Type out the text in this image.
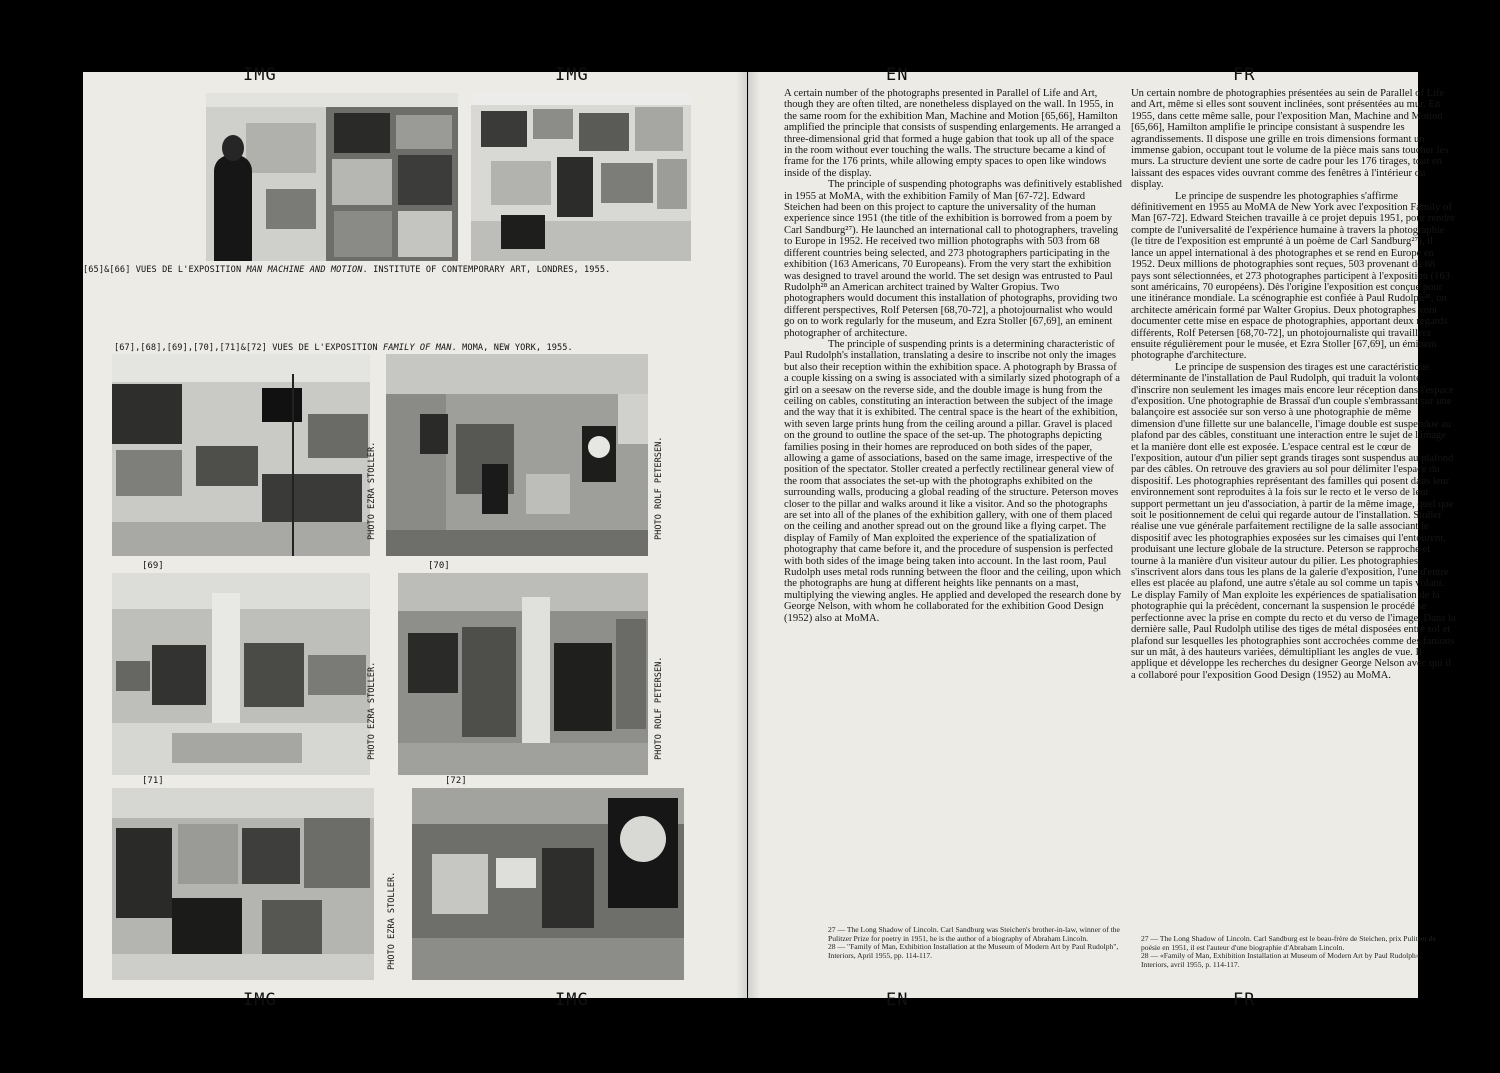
IMG	IMG	EN	FR
IMG	IMG	EN	FR
[65]&[66] VUES DE L'EXPOSITION MAN MACHINE AND MOTION. INSTITUTE OF CONTEMPORARY ART, LONDRES, 1955.
[67],[68],[69],[70],[71]&[72] VUES DE L'EXPOSITION FAMILY OF MAN. MOMA, NEW YORK, 1955.
PHOTO EZRA STOLLER.	PHOTO ROLF PETERSEN.
[69]	[70]
[71]	[72]
PHOTO EZRA STOLLER.	PHOTO ROLF PETERSEN.
PHOTO EZRA STOLLER.

A certain number of the photographs presented in Parallel of Life and Art, though they are often tilted, are nonetheless displayed on the wall. In 1955, in the same room for the exhibition Man, Machine and Motion [65,66], Hamilton amplified the principle that consists of suspending enlargements. He arranged a three-dimensional grid that formed a huge gabion that took up all of the space in the room without ever touching the walls. The structure became a kind of frame for the 176 prints, while allowing empty spaces to open like windows inside of the display.

The principle of suspending photographs was definitively established in 1955 at MoMA, with the exhibition Family of Man [67-72]. Edward Steichen had been on this project to capture the universality of the human experience since 1951 (the title of the exhibition is borrowed from a poem by Carl Sandburg²⁷). He launched an international call to photographers, traveling to Europe in 1952. He received two million photographs with 503 from 68 different countries being selected, and 273 photographers participating in the exhibition (163 Americans, 70 Europeans). From the very start the exhibition was designed to travel around the world. The set design was entrusted to Paul Rudolph²⁸ an American architect trained by Walter Gropius. Two photographers would document this installation of photographs, providing two different perspectives, Rolf Petersen [68,70-72], a photojournalist who would go on to work regularly for the museum, and Ezra Stoller [67,69], an eminent photographer of architecture.

The principle of suspending prints is a determining characteristic of Paul Rudolph's installation, translating a desire to inscribe not only the images but also their reception within the exhibition space. A photograph by Brassa of a couple kissing on a swing is associated with a similarly sized photograph of a girl on a seesaw on the reverse side, and the double image is hung from the ceiling on cables, constituting an interaction between the subject of the image and the way that it is exhibited. The central space is the heart of the exhibition, with seven large prints hung from the ceiling around a pillar. Gravel is placed on the ground to outline the space of the set-up. The photographs depicting families posing in their homes are reproduced on both sides of the paper, allowing a game of associations, based on the same image, irrespective of the position of the spectator. Stoller created a perfectly rectilinear general view of the room that associates the set-up with the photographs exhibited on the surrounding walls, producing a global reading of the structure. Peterson moves closer to the pillar and walks around it like a visitor. And so the photographs are set into all of the planes of the exhibition gallery, with one of them placed on the ceiling and another spread out on the ground like a flying carpet. The display of Family of Man exploited the experience of the spatialization of photography that came before it, and the procedure of suspension is perfected with both sides of the image being taken into account. In the last room, Paul Rudolph uses metal rods running between the floor and the ceiling, upon which the photographs are hung at different heights like pennants on a mast, multiplying the viewing angles. He applied and developed the research done by George Nelson, with whom he collaborated for the exhibition Good Design (1952) also at MoMA.

Un certain nombre de photographies présentées au sein de Parallel of Life and Art, même si elles sont souvent inclinées, sont présentées au mur. En 1955, dans cette même salle, pour l'exposition Man, Machine and Motion [65,66], Hamilton amplifie le principe consistant à suspendre les agrandissements. Il dispose une grille en trois dimensions formant un immense gabion, occupant tout le volume de la pièce mais sans toucher les murs. La structure devient une sorte de cadre pour les 176 tirages, tout en laissant des espaces vides ouvrant comme des fenêtres à l'intérieur du display.

Le principe de suspendre les photographies s'affirme définitivement en 1955 au MoMA de New York avec l'exposition Family of Man [67-72]. Edward Steichen travaille à ce projet depuis 1951, pour rendre compte de l'universalité de l'expérience humaine à travers la photographie (le titre de l'exposition est emprunté à un poème de Carl Sandburg²⁷), il lance un appel international à des photographes et se rend en Europe en 1952. Deux millions de photographies sont reçues, 503 provenant de 68 pays sont sélectionnées, et 273 photographes participent à l'exposition (163 sont américains, 70 européens). Dès l'origine l'exposition est conçue pour une itinérance mondiale. La scénographie est confiée à Paul Rudolph²⁸, un architecte américain formé par Walter Gropius. Deux photographes vont documenter cette mise en espace de photographies, apportant deux regards différents, Rolf Petersen [68,70-72], un photojournaliste qui travaillera ensuite régulièrement pour le musée, et Ezra Stoller [67,69], un éminent photographe d'architecture.

Le principe de suspension des tirages est une caractéristique déterminante de l'installation de Paul Rudolph, qui traduit la volonté d'inscrire non seulement les images mais encore leur réception dans l'espace d'exposition. Une photographie de Brassaï d'un couple s'embrassant sur une balançoire est associée sur son verso à une photographie de même dimension d'une fillette sur une balancelle, l'image double est suspendue au plafond par des câbles, constituant une interaction entre le sujet de l'image et la manière dont elle est exposée. L'espace central est le cœur de l'exposition, autour d'un pilier sept grands tirages sont suspendus au plafond par des câbles. On retrouve des graviers au sol pour délimiter l'espace du dispositif. Les photographies représentant des familles qui posent dans leur environnement sont reproduites à la fois sur le recto et le verso de leur support permettant un jeu d'association, à partir de la même image, quel que soit le positionnement de celui qui regarde autour de l'installation. Stoller réalise une vue générale parfaitement rectiligne de la salle associant le dispositif avec les photographies exposées sur les cimaises qui l'entourent, produisant une lecture globale de la structure. Peterson se rapproche et tourne à la manière d'un visiteur autour du pilier. Les photographies s'inscrivent alors dans tous les plans de la galerie d'exposition, l'une d'entre elles est placée au plafond, une autre s'étale au sol comme un tapis volant. Le display Family of Man exploite les expériences de spatialisation de la photographie qui la précèdent, concernant la suspension le procédé se perfectionne avec la prise en compte du recto et du verso de l'image. Dans la dernière salle, Paul Rudolph utilise des tiges de métal disposées entre sol et plafond sur lesquelles les photographies sont accrochées comme des fanions sur un mât, à des hauteurs variées, démultipliant les angles de vue. Il applique et développe les recherches du designer George Nelson avec qui il a collaboré pour l'exposition Good Design (1952) au MoMA.

27 — The Long Shadow of Lincoln. Carl Sandburg was Steichen's brother-in-law, winner of the Pulitzer Prize for poetry in 1951, he is the author of a biography of Abraham Lincoln.

28 — "Family of Man, Exhibition Installation at the Museum of Modern Art by Paul Rudolph", Interiors, April 1955, pp. 114-117.

27 — The Long Shadow of Lincoln. Carl Sandburg est le beau-frère de Steichen, prix Pulitzer de poésie en 1951, il est l'auteur d'une biographie d'Abraham Lincoln.

28 — «Family of Man, Exhibition Installation at Museum of Modern Art by Paul Rudolph», Interiors, avril 1955, p. 114-117.
